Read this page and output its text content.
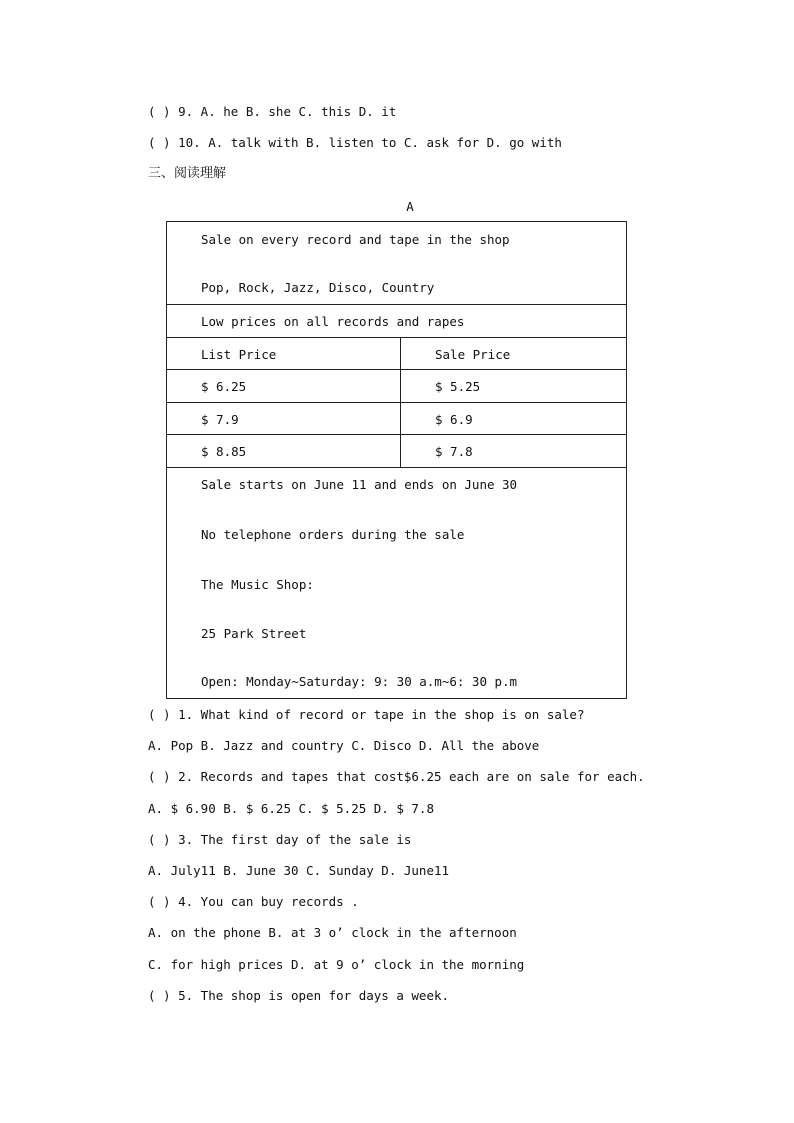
( ) 9. A. he B. she C. this D. it
( ) 10. A. talk with B. listen to C. ask for D. go with
三、阅读理解
A
Sale on every record and tape in the shop
Pop, Rock, Jazz, Disco, Country
Low prices on all records and rapes
List Price	Sale Price
$ 6.25	$ 5.25
$ 7.9	$ 6.9
$ 8.85	$ 7.8
Sale starts on June 11 and ends on June 30
No telephone orders during the sale
The Music Shop:
25 Park Street
Open: Monday~Saturday: 9: 30 a.m~6: 30 p.m
( ) 1. What kind of record or tape in the shop is on sale?
A. Pop B. Jazz and country C. Disco D. All the above
( ) 2. Records and tapes that cost$6.25 each are on sale for each.
A. $ 6.90 B. $ 6.25 C. $ 5.25 D. $ 7.8
( ) 3. The first day of the sale is
A. July11 B. June 30 C. Sunday D. June11
( ) 4. You can buy records .
A. on the phone B. at 3 o’ clock in the afternoon
C. for high prices D. at 9 o’ clock in the morning
( ) 5. The shop is open for days a week.
